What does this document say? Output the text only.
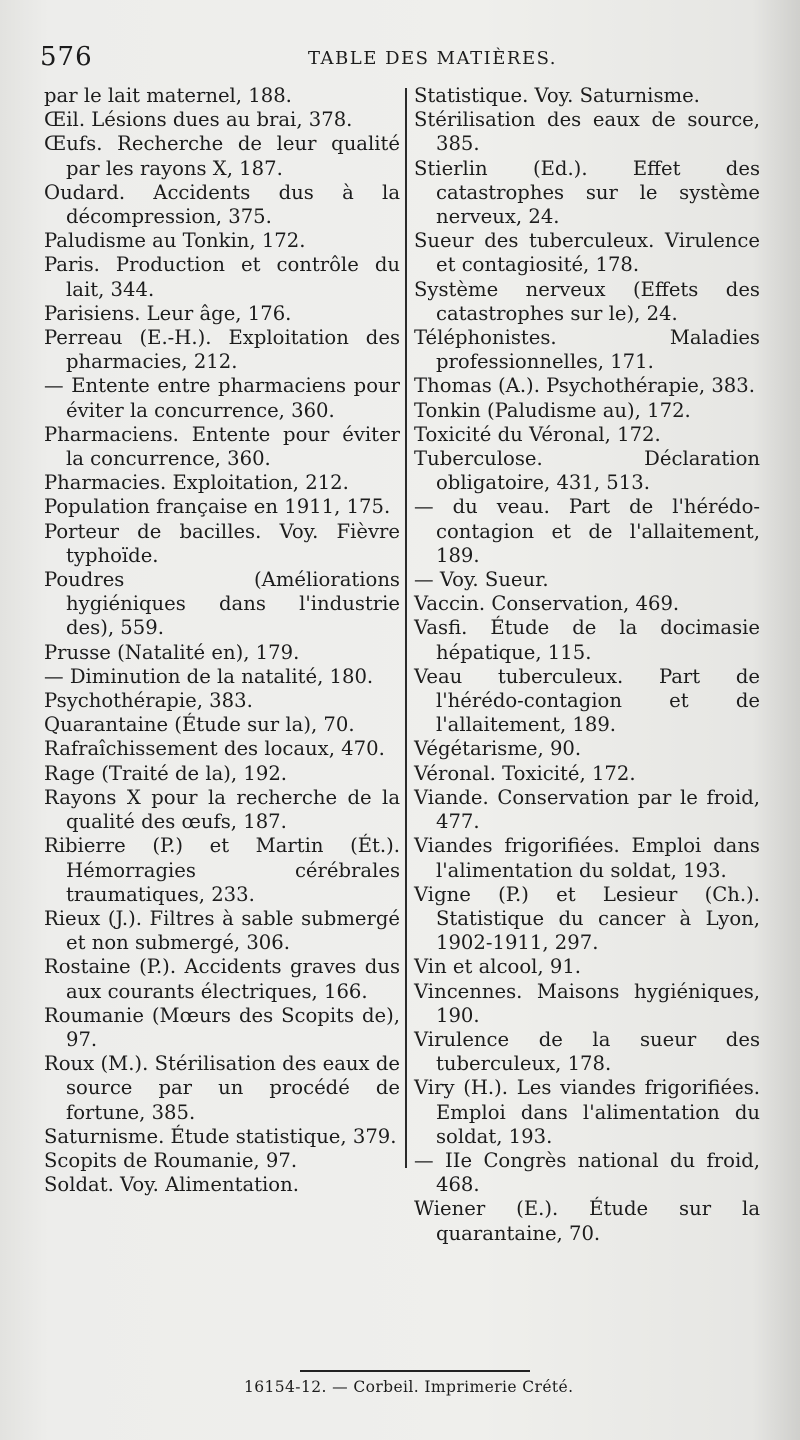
576	TABLE DES MATIÈRES.

par le lait maternel, 188.

Œil. Lésions dues au brai, 378.

Œufs. Recherche de leur qualité par les rayons X, 187.

Oudard. Accidents dus à la décompression, 375.

Paludisme au Tonkin, 172.

Paris. Production et contrôle du lait, 344.

Parisiens. Leur âge, 176.

Perreau (E.-H.). Exploitation des pharmacies, 212.

— Entente entre pharmaciens pour éviter la concurrence, 360.

Pharmaciens. Entente pour éviter la concurrence, 360.

Pharmacies. Exploitation, 212.

Population française en 1911, 175.

Porteur de bacilles. Voy. Fièvre typhoïde.

Poudres (Améliorations hygiéniques dans l'industrie des), 559.

Prusse (Natalité en), 179.

— Diminution de la natalité, 180.

Psychothérapie, 383.

Quarantaine (Étude sur la), 70.

Rafraîchissement des locaux, 470.

Rage (Traité de la), 192.

Rayons X pour la recherche de la qualité des œufs, 187.

Ribierre (P.) et Martin (Ét.). Hémorragies cérébrales traumatiques, 233.

Rieux (J.). Filtres à sable submergé et non submergé, 306.

Rostaine (P.). Accidents graves dus aux courants électriques, 166.

Roumanie (Mœurs des Scopits de), 97.

Roux (M.). Stérilisation des eaux de source par un procédé de fortune, 385.

Saturnisme. Étude statistique, 379.

Scopits de Roumanie, 97.

Soldat. Voy. Alimentation.

Statistique. Voy. Saturnisme.

Stérilisation des eaux de source, 385.

Stierlin (Ed.). Effet des catastrophes sur le système nerveux, 24.

Sueur des tuberculeux. Virulence et contagiosité, 178.

Système nerveux (Effets des catastrophes sur le), 24.

Téléphonistes. Maladies professionnelles, 171.

Thomas (A.). Psychothérapie, 383.

Tonkin (Paludisme au), 172.

Toxicité du Véronal, 172.

Tuberculose. Déclaration obligatoire, 431, 513.

— du veau. Part de l'hérédo-contagion et de l'allaitement, 189.

— Voy. Sueur.

Vaccin. Conservation, 469.

Vasfi. Étude de la docimasie hépatique, 115.

Veau tuberculeux. Part de l'hérédo-contagion et de l'allaitement, 189.

Végétarisme, 90.

Véronal. Toxicité, 172.

Viande. Conservation par le froid, 477.

Viandes frigorifiées. Emploi dans l'alimentation du soldat, 193.

Vigne (P.) et Lesieur (Ch.). Statistique du cancer à Lyon, 1902-1911, 297.

Vin et alcool, 91.

Vincennes. Maisons hygiéniques, 190.

Virulence de la sueur des tuberculeux, 178.

Viry (H.). Les viandes frigorifiées. Emploi dans l'alimentation du soldat, 193.

— IIe Congrès national du froid, 468.

Wiener (E.). Étude sur la quarantaine, 70.

16154-12. — Corbeil. Imprimerie Crété.
